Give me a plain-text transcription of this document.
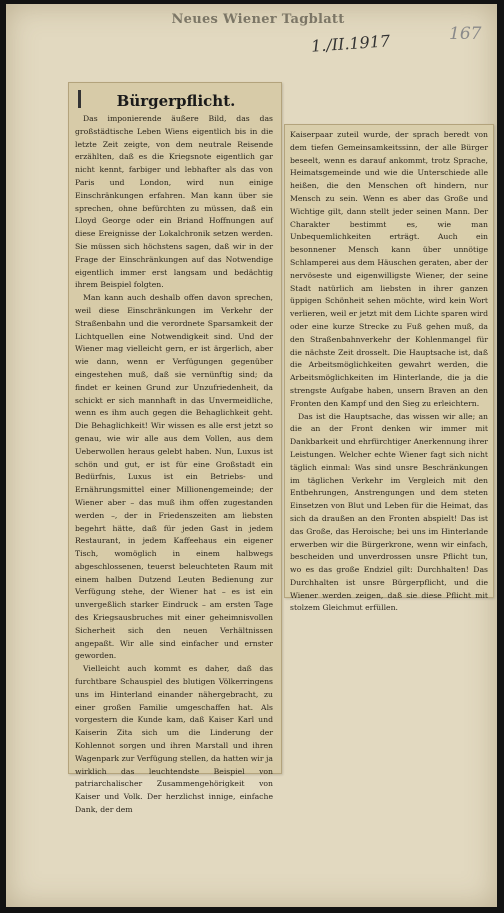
Neues Wiener Tagblatt
1./II.1917	167

Das imponierende äußere Bild, das das großstädtische Leben Wiens eigentlich bis in die letzte Zeit zeigte, von dem neutrale Reisende erzählten, daß es die Kriegsnote eigentlich gar nicht kennt, farbiger und lebhafter als das von Paris und London, wird nun einige Einschränkungen erfahren. Man kann über sie sprechen, ohne befürchten zu müssen, daß ein Lloyd George oder ein Briand Hoffnungen auf diese Ereignisse der Lokalchronik setzen werden. Sie müssen sich höchstens sagen, daß wir in der Frage der Einschränkungen auf das Notwendige eigentlich immer erst langsam und bedächtig ihrem Beispiel folgten.

Man kann auch deshalb offen davon sprechen, weil diese Einschränkungen im Verkehr der Straßenbahn und die verordnete Sparsamkeit der Lichtquellen eine Notwendigkeit sind. Und der Wiener mag vielleicht gern, er ist ärgerlich, aber wie dann, wenn er Verfügungen gegenüber eingestehen muß, daß sie vernünftig sind; da findet er keinen Grund zur Unzufriedenheit, da schickt er sich mannhaft in das Unvermeidliche, wenn es ihm auch gegen die Behaglichkeit geht. Die Behaglichkeit! Wir wissen es alle erst jetzt so genau, wie wir alle aus dem Vollen, aus dem Ueberwollen heraus gelebt haben. Nun, Luxus ist schön und gut, er ist für eine Großstadt ein Bedürfnis, Luxus ist ein Betriebs- und Ernährungsmittel einer Millionengemeinde; der Wiener aber – das muß ihm offen zugestanden werden –, der in Friedenszeiten am liebsten begehrt hätte, daß für jeden Gast in jedem Restaurant, in jedem Kaffeehaus ein eigener Tisch, womöglich in einem halbwegs abgeschlossenen, teuerst beleuchteten Raum mit einem halben Dutzend Leuten Bedienung zur Verfügung stehe, der Wiener hat – es ist ein unvergeßlich starker Eindruck – am ersten Tage des Kriegsausbruches mit einer geheimnisvollen Sicherheit sich den neuen Verhältnissen angepaßt. Wir alle sind einfacher und ernster geworden.

Vielleicht auch kommt es daher, daß das furchtbare Schauspiel des blutigen Völkerringens uns im Hinterland einander nähergebracht, zu einer großen Familie umgeschaffen hat. Als vorgestern die Kunde kam, daß Kaiser Karl und Kaiserin Zita sich um die Linderung der Kohlennot sorgen und ihren Marstall und ihren Wagenpark zur Verfügung stellen, da hatten wir ja wirklich das leuchtendste Beispiel von patriarchalischer Zusammengehörigkeit von Kaiser und Volk. Der herzlichst innige, einfache Dank, der dem

Bürgerpflicht.

Kaiserpaar zuteil wurde, der sprach beredt von dem tiefen Gemeinsamkeitssinn, der alle Bürger beseelt, wenn es darauf ankommt, trotz Sprache, Heimatsgemeinde und wie die Unterschiede alle heißen, die den Menschen oft hindern, nur Mensch zu sein. Wenn es aber das Große und Wichtige gilt, dann stellt jeder seinen Mann. Der Charakter bestimmt es, wie man Unbequemlichkeiten erträgt. Auch ein besonnener Mensch kann über unnötige Schlamperei aus dem Häuschen geraten, aber der nervöseste und eigenwilligste Wiener, der seine Stadt natürlich am liebsten in ihrer ganzen üppigen Schönheit sehen möchte, wird kein Wort verlieren, weil er jetzt mit dem Lichte sparen wird oder eine kurze Strecke zu Fuß gehen muß, da den Straßenbahnverkehr der Kohlenmangel für die nächste Zeit drosselt. Die Hauptsache ist, daß die Arbeitsmöglichkeiten gewahrt werden, die Arbeitsmöglichkeiten im Hinterlande, die ja die strengste Aufgabe haben, unsern Braven an den Fronten den Kampf und den Sieg zu erleichtern.

Das ist die Hauptsache, das wissen wir alle; an die an der Front denken wir immer mit Dankbarkeit und ehrfürchtiger Anerkennung ihrer Leistungen. Welcher echte Wiener fagt sich nicht täglich einmal: Was sind unsre Beschränkungen im täglichen Verkehr im Vergleich mit den Entbehrungen, Anstrengungen und dem steten Einsetzen von Blut und Leben für die Heimat, das sich da draußen an den Fronten abspielt! Das ist das Große, das Heroische; bei uns im Hinterlande erwerben wir die Bürgerkrone, wenn wir einfach, bescheiden und unverdrossen unsre Pflicht tun, wo es das große Endziel gilt: Durchhalten! Das Durchhalten ist unsre Bürgerpflicht, und die Wiener werden zeigen, daß sie diese Pflicht mit stolzem Gleichmut erfüllen.
